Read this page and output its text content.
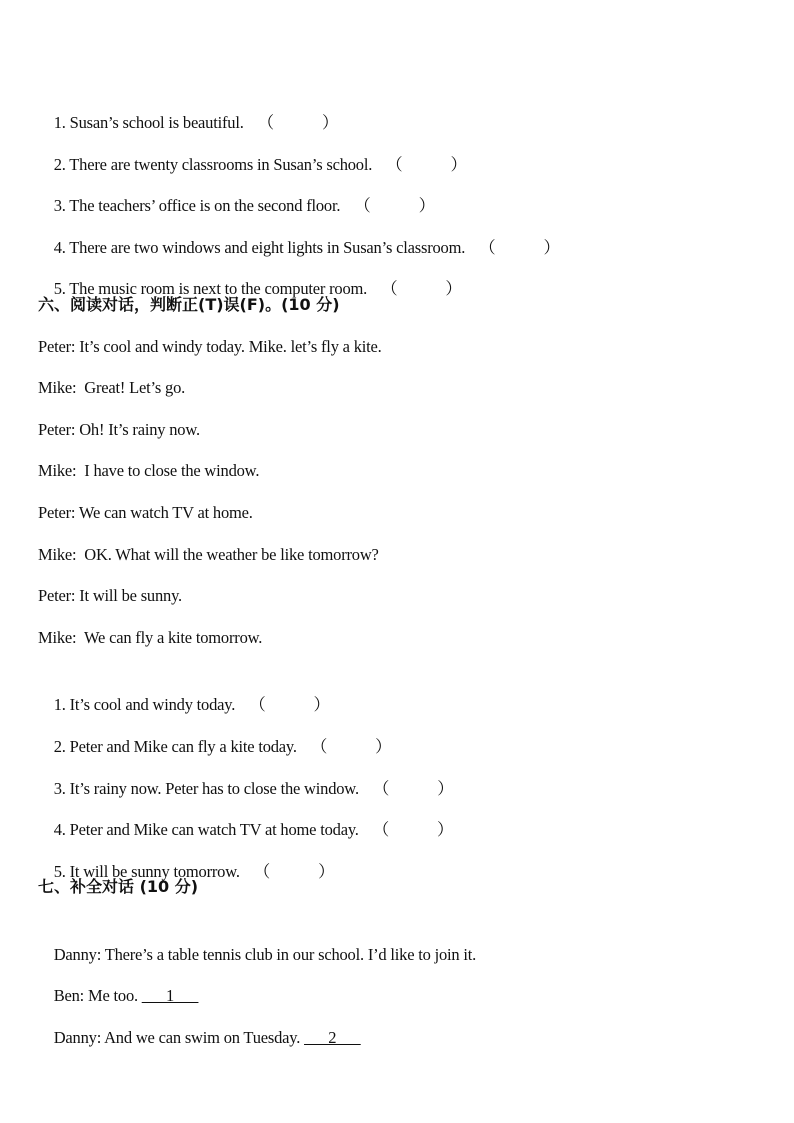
1. Susan’s school is beautiful. （	）

2. There are twenty classrooms in Susan’s school. （	）

3. The teachers’ office is on the second floor. （	）

4. There are two windows and eight lights in Susan’s classroom. （	）

5. The music room is next to the computer room. （	）

六、阅读对话，判断正(T)误(F)。(10 分)
Peter: It’s cool and windy today. Mike. let’s fly a kite.
Mike:  Great! Let’s go.
Peter: Oh! It’s rainy now.
Mike:  I have to close the window.
Peter: We can watch TV at home.
Mike:  OK. What will the weather be like tomorrow?
Peter: It will be sunny.
Mike:  We can fly a kite tomorrow.

1. It’s cool and windy today. （	）

2. Peter and Mike can fly a kite today. （	）

3. It’s rainy now. Peter has to close the window. （	）

4. Peter and Mike can watch TV at home today. （	）

5. It will be sunny tomorrow. （	）

七、补全对话 (10 分)

Danny: There’s a table tennis club in our school. I’d like to join it.

Ben: Me too. ___1___

Danny: And we can swim on Tuesday. ___2___
